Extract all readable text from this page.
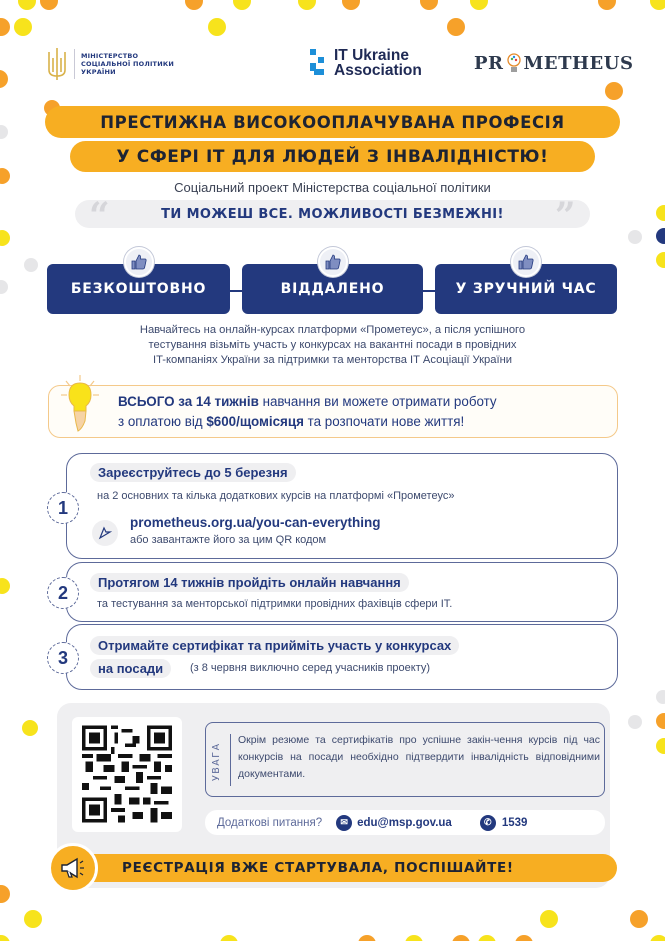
МІНІСТЕРСТВО
СОЦІАЛЬНОЇ ПОЛІТИКИ
УКРАЇНИ
IT Ukraine
Association	PR METHEUS
ПРЕСТИЖНА ВИСОКООПЛАЧУВАНА ПРОФЕСІЯ
У СФЕРІ ІТ ДЛЯ ЛЮДЕЙ З ІНВАЛІДНІСТЮ!
Соціальний проект Міністерства соціальної політики
“	ТИ МОЖЕШ ВСЕ. МОЖЛИВОСТІ БЕЗМЕЖНІ! ”
БЕЗКОШТОВНО	ВІДДАЛЕНО	У ЗРУЧНИЙ ЧАС
Навчайтесь на онлайн-курсах платформи «Прометеус», а після успішного
тестування візьміть участь у конкурсах на вакантні посади в провідних
IT-компаніях України за підтримки та менторства IT Асоціації України
ВСЬОГО за 14 тижнів навчання ви можете отримати роботу
з оплатою від $600/щомісяця та розпочати нове життя!
1
Зареєструйтесь до 5 березня
на 2 основних та кілька додаткових курсів на платформі «Прометеус»
prometheus.org.ua/you-can-everything
або завантажте його за цим QR кодом
2	Протягом 14 тижнів пройдіть онлайн навчання
та тестування за менторської підтримки провідних фахівців сфери ІТ.
3
Отримайте сертифікат та прийміть участь у конкурсах
на посади	(з 8 червня виключно серед учасників проекту)
УВАГА
Окрім резюме та сертифікатів про успішне закін-чення курсів під час конкурсів на посади необхідно підтвердити інвалідність відповідними документами.
Додаткові питання?	✉ edu@msp.gov.ua	✆ 1539
РЕЄСТРАЦІЯ ВЖЕ СТАРТУВАЛА, ПОСПІШАЙТЕ!
